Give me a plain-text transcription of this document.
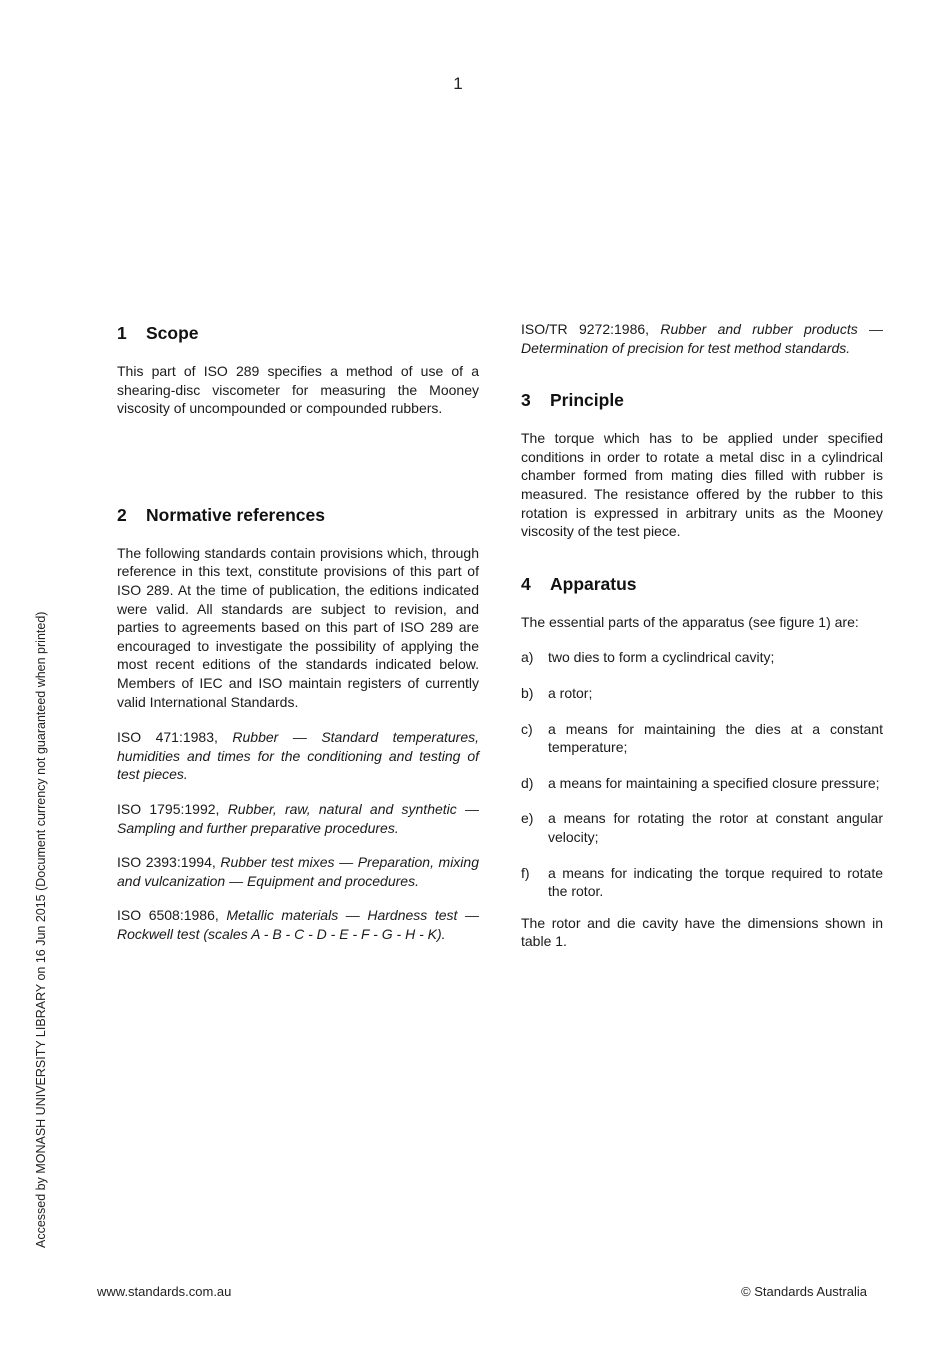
1
Accessed by MONASH UNIVERSITY LIBRARY on 16 Jun 2015 (Document currency not guaranteed when printed)
1 Scope

This part of ISO 289 specifies a method of use of a shearing-disc viscometer for measuring the Mooney viscosity of uncompounded or compounded rubbers.

2 Normative references

The following standards contain provisions which, through reference in this text, constitute provisions of this part of ISO 289. At the time of publication, the editions indicated were valid. All standards are subject to revision, and parties to agreements based on this part of ISO 289 are encouraged to investigate the possibility of applying the most recent editions of the standards indicated below. Members of IEC and ISO maintain registers of currently valid International Standards.

ISO 471:1983, Rubber — Standard temperatures, humidities and times for the conditioning and testing of test pieces.
ISO 1795:1992, Rubber, raw, natural and synthetic — Sampling and further preparative procedures.
ISO 2393:1994, Rubber test mixes — Preparation, mixing and vulcanization — Equipment and procedures.
ISO 6508:1986, Metallic materials — Hardness test — Rockwell test (scales A - B - C - D - E - F - G - H - K).
ISO/TR 9272:1986, Rubber and rubber products — Determination of precision for test method standards.
3 Principle

The torque which has to be applied under specified conditions in order to rotate a metal disc in a cylindrical chamber formed from mating dies filled with rubber is measured. The resistance offered by the rubber to this rotation is expressed in arbitrary units as the Mooney viscosity of the test piece.

4 Apparatus

The essential parts of the apparatus (see figure 1) are:

a) two dies to form a cyclindrical cavity;
b) a rotor;
c) a means for maintaining the dies at a constant temperature;
d) a means for maintaining a specified closure pressure;
e) a means for rotating the rotor at constant angular velocity;
f) a means for indicating the torque required to rotate the rotor.

The rotor and die cavity have the dimensions shown in table 1.

www.standards.com.au	© Standards Australia
